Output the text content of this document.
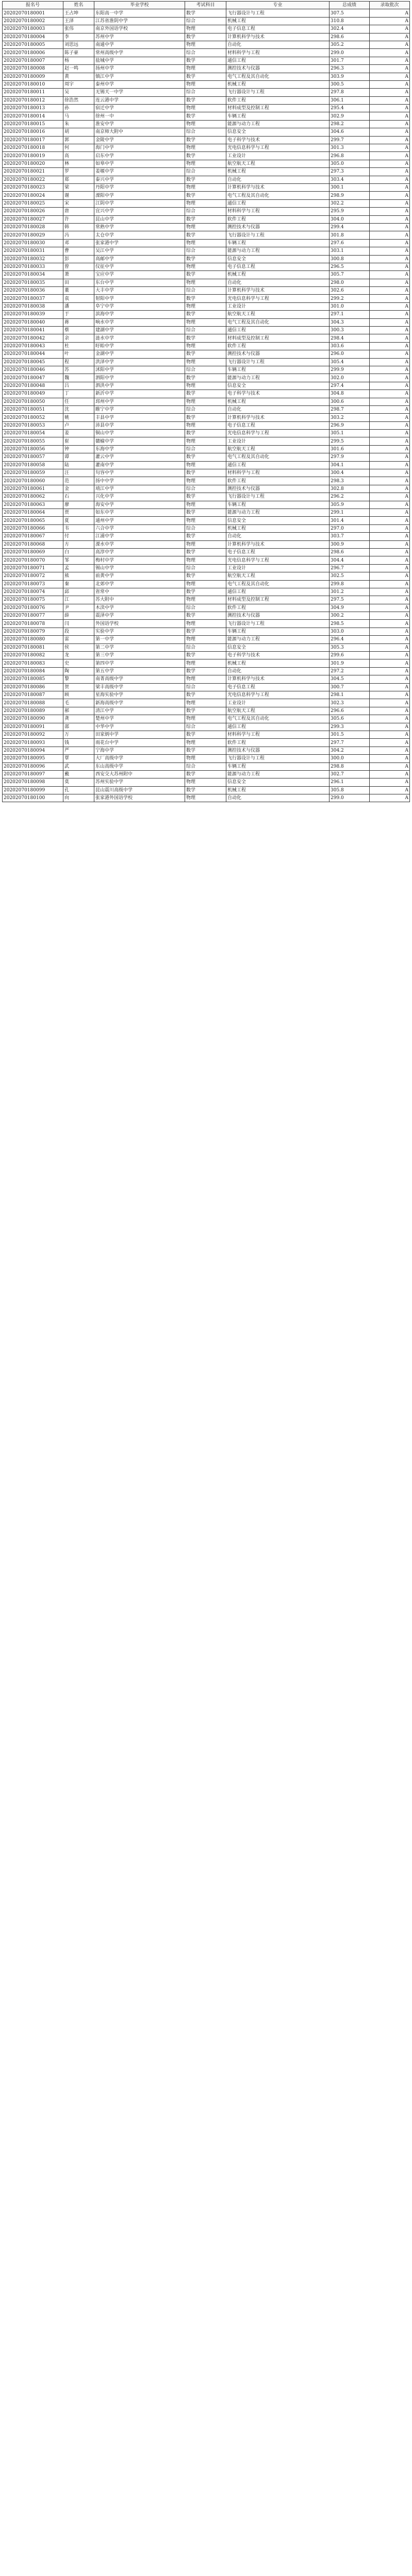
报名号	姓名	毕业学校	考试科目	专业	总成绩	录取批次
20202070180001	王占坤	东阳高一中学	数学	飞行器设计与工程	307.5	A
20202070180002	王泽	江苏省淮阴中学	综合	机械工程	310.8	A
20202070180003	张伟	南京外国语学校	物理	电子信息工程	302.4	A
20202070180004	李	苏州中学	数学	计算机科学与技术	298.6	A
20202070180005	刘思远	南通中学	物理	自动化	305.2	A
20202070180006	陈子豪	常州高级中学	综合	材料科学与工程	299.0	A
20202070180007	杨	盐城中学	数学	通信工程	301.7	A
20202070180008	赵一鸣	扬州中学	物理	测控技术与仪器	296.3	A
20202070180009	黄	镇江中学	数学	电气工程及其自动化	303.9	A
20202070180010	周宇	泰州中学	物理	机械工程	300.5	A
20202070180011	吴	无锡天一中学	综合	飞行器设计与工程	297.8	A
20202070180012	徐浩然	连云港中学	数学	软件工程	306.1	A
20202070180013	孙	宿迁中学	物理	材料成型及控制工程	295.4	A
20202070180014	马	徐州一中	数学	车辆工程	302.9	A
20202070180015	朱	淮安中学	物理	能源与动力工程	298.2	A
20202070180016	胡	南京师大附中	综合	信息安全	304.6	A
20202070180017	郭	金陵中学	数学	电子科学与技术	299.7	A
20202070180018	何	海门中学	物理	光电信息科学与工程	301.3	A
20202070180019	高	启东中学	数学	工业设计	296.8	A
20202070180020	林	如皋中学	物理	航空航天工程	305.0	A
20202070180021	罗	姜堰中学	综合	机械工程	297.3	A
20202070180022	郑	泰兴中学	数学	自动化	303.4	A
20202070180023	梁	丹阳中学	物理	计算机科学与技术	300.1	A
20202070180024	谢	溧阳中学	数学	电气工程及其自动化	298.9	A
20202070180025	宋	江阴中学	物理	通信工程	302.2	A
20202070180026	唐	宜兴中学	综合	材料科学与工程	295.9	A
20202070180027	许	昆山中学	数学	软件工程	304.0	A
20202070180028	韩	常熟中学	物理	测控技术与仪器	299.4	A
20202070180029	冯	太仓中学	数学	飞行器设计与工程	301.8	A
20202070180030	邓	张家港中学	物理	车辆工程	297.6	A
20202070180031	曹	吴江中学	综合	能源与动力工程	303.1	A
20202070180032	彭	高邮中学	数学	信息安全	300.8	A
20202070180033	曾	仪征中学	物理	电子信息工程	296.5	A
20202070180034	萧	宝应中学	数学	机械工程	305.7	A
20202070180035	田	东台中学	物理	自动化	298.0	A
20202070180036	董	大丰中学	综合	计算机科学与技术	302.6	A
20202070180037	袁	射阳中学	数学	光电信息科学与工程	299.2	A
20202070180038	潘	阜宁中学	物理	工业设计	301.0	A
20202070180039	于	滨海中学	数学	航空航天工程	297.1	A
20202070180040	蒋	响水中学	物理	电气工程及其自动化	304.3	A
20202070180041	蔡	建湖中学	综合	通信工程	300.3	A
20202070180042	余	涟水中学	数学	材料成型及控制工程	298.4	A
20202070180043	杜	盱眙中学	物理	软件工程	303.6	A
20202070180044	叶	金湖中学	数学	测控技术与仪器	296.0	A
20202070180045	程	洪泽中学	物理	飞行器设计与工程	305.4	A
20202070180046	苏	沭阳中学	综合	车辆工程	299.9	A
20202070180047	魏	泗阳中学	数学	能源与动力工程	302.0	A
20202070180048	吕	泗洪中学	物理	信息安全	297.4	A
20202070180049	丁	新沂中学	数学	电子科学与技术	304.8	A
20202070180050	任	邳州中学	物理	机械工程	300.6	A
20202070180051	沈	睢宁中学	综合	自动化	298.7	A
20202070180052	姚	丰县中学	数学	计算机科学与技术	303.2	A
20202070180053	卢	沛县中学	物理	电子信息工程	296.9	A
20202070180054	姜	铜山中学	数学	光电信息科学与工程	305.1	A
20202070180055	崔	赣榆中学	物理	工业设计	299.5	A
20202070180056	钟	东海中学	综合	航空航天工程	301.6	A
20202070180057	谭	灌云中学	数学	电气工程及其自动化	297.9	A
20202070180058	陆	灌南中学	物理	通信工程	304.1	A
20202070180059	汪	句容中学	数学	材料科学与工程	300.4	A
20202070180060	范	扬中中学	物理	软件工程	298.3	A
20202070180061	金	靖江中学	综合	测控技术与仪器	302.8	A
20202070180062	石	兴化中学	数学	飞行器设计与工程	296.2	A
20202070180063	廖	海安中学	物理	车辆工程	305.9	A
20202070180064	贾	如东中学	数学	能源与动力工程	299.1	A
20202070180065	夏	通州中学	物理	信息安全	301.4	A
20202070180066	韦	六合中学	综合	机械工程	297.0	A
20202070180067	付	江浦中学	数学	自动化	303.7	A
20202070180068	方	溧水中学	物理	计算机科学与技术	300.9	A
20202070180069	白	高淳中学	数学	电子信息工程	298.6	A
20202070180070	邹	梅村中学	物理	光电信息科学与工程	304.4	A
20202070180071	孟	锡山中学	综合	工业设计	296.7	A
20202070180072	熊	前黄中学	数学	航空航天工程	302.5	A
20202070180073	秦	北郊中学	物理	电气工程及其自动化	299.8	A
20202070180074	邱	省常中	数学	通信工程	301.2	A
20202070180075	江	苏大附中	物理	材料成型及控制工程	297.5	A
20202070180076	尹	木渎中学	综合	软件工程	304.9	A
20202070180077	薛	震泽中学	数学	测控技术与仪器	300.2	A
20202070180078	闫	外国语学校	物理	飞行器设计与工程	298.5	A
20202070180079	段	实验中学	数学	车辆工程	303.0	A
20202070180080	雷	第一中学	物理	能源与动力工程	296.4	A
20202070180081	侯	第二中学	综合	信息安全	305.3	A
20202070180082	龙	第三中学	数学	电子科学与技术	299.6	A
20202070180083	史	第四中学	物理	机械工程	301.9	A
20202070180084	陶	第五中学	数学	自动化	297.2	A
20202070180085	黎	南菁高级中学	物理	计算机科学与技术	304.5	A
20202070180086	贺	梁丰高级中学	综合	电子信息工程	300.7	A
20202070180087	顾	星海实验中学	数学	光电信息科学与工程	298.1	A
20202070180088	毛	新海高级中学	物理	工业设计	302.3	A
20202070180089	郝	清江中学	数学	航空航天工程	296.6	A
20202070180090	龚	楚州中学	物理	电气工程及其自动化	305.6	A
20202070180091	邵	中华中学	综合	通信工程	299.3	A
20202070180092	万	田家炳中学	数学	材料科学与工程	301.5	A
20202070180093	钱	雨花台中学	物理	软件工程	297.7	A
20202070180094	严	宁海中学	数学	测控技术与仪器	304.2	A
20202070180095	覃	大厂高级中学	物理	飞行器设计与工程	300.0	A
20202070180096	武	东山高级中学	综合	车辆工程	298.8	A
20202070180097	戴	西安交大苏州附中	数学	能源与动力工程	302.7	A
20202070180098	莫	苏州实验中学	物理	信息安全	296.1	A
20202070180099	孔	昆山震川高级中学	数学	机械工程	305.8	A
20202070180100	向	张家港外国语学校	物理	自动化	299.0	A
